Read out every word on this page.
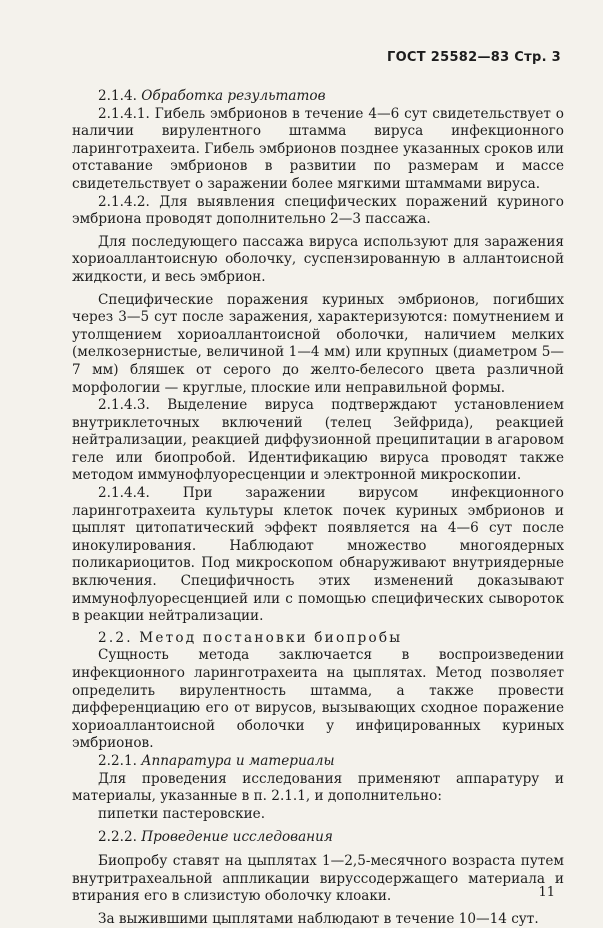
ГОСТ 25582—83 Стр. 3

2.1.4. Обработка результатов

2.1.4.1. Гибель эмбрионов в течение 4—6 сут свидетельствует о наличии вирулентного штамма вируса инфекционного ларинготрахеита. Гибель эмбрионов позднее указанных сроков или отставание эмбрионов в развитии по размерам и массе свидетельствует о заражении более мягкими штаммами вируса.

2.1.4.2. Для выявления специфических поражений куриного эмбриона проводят дополнительно 2—3 пассажа.

Для последующего пассажа вируса используют для заражения хориоаллантоисную оболочку, суспензированную в аллантоисной жидкости, и весь эмбрион.

Специфические поражения куриных эмбрионов, погибших через 3—5 сут после заражения, характеризуются: помутнением и утолщением хориоаллантоисной оболочки, наличием мелких (мелкозернистые, величиной 1—4 мм) или крупных (диаметром 5—7 мм) бляшек от серого до желто-белесого цвета различной морфологии — круглые, плоские или неправильной формы.

2.1.4.3. Выделение вируса подтверждают установлением внутриклеточных включений (телец Зейфрида), реакцией нейтрализации, реакцией диффузионной преципитации в агаровом геле или биопробой. Идентификацию вируса проводят также методом иммунофлуоресценции и электронной микроскопии.

2.1.4.4. При заражении вирусом инфекционного ларинготрахеита культуры клеток почек куриных эмбрионов и цыплят цитопатический эффект появляется на 4—6 сут после инокулирования. Наблюдают множество многоядерных поликариоцитов. Под микроскопом обнаруживают внутриядерные включения. Специфичность этих изменений доказывают иммунофлуоресценцией или с помощью специфических сывороток в реакции нейтрализации.

2.2. Метод постановки биопробы

Сущность метода заключается в воспроизведении инфекционного ларинготрахеита на цыплятах. Метод позволяет определить вирулентность штамма, а также провести дифференциацию его от вирусов, вызывающих сходное поражение хориоаллантоисной оболочки у инфицированных куриных эмбрионов.

2.2.1. Аппаратура и материалы

Для проведения исследования применяют аппаратуру и материалы, указанные в п. 2.1.1, и дополнительно:

пипетки пастеровские.

2.2.2. Проведение исследования

Биопробу ставят на цыплятах 1—2,5-месячного возраста путем внутритрахеальной аппликации вируссодержащего материала и втирания его в слизистую оболочку клоаки.

За выжившими цыплятами наблюдают в течение 10—14 сут.

11
